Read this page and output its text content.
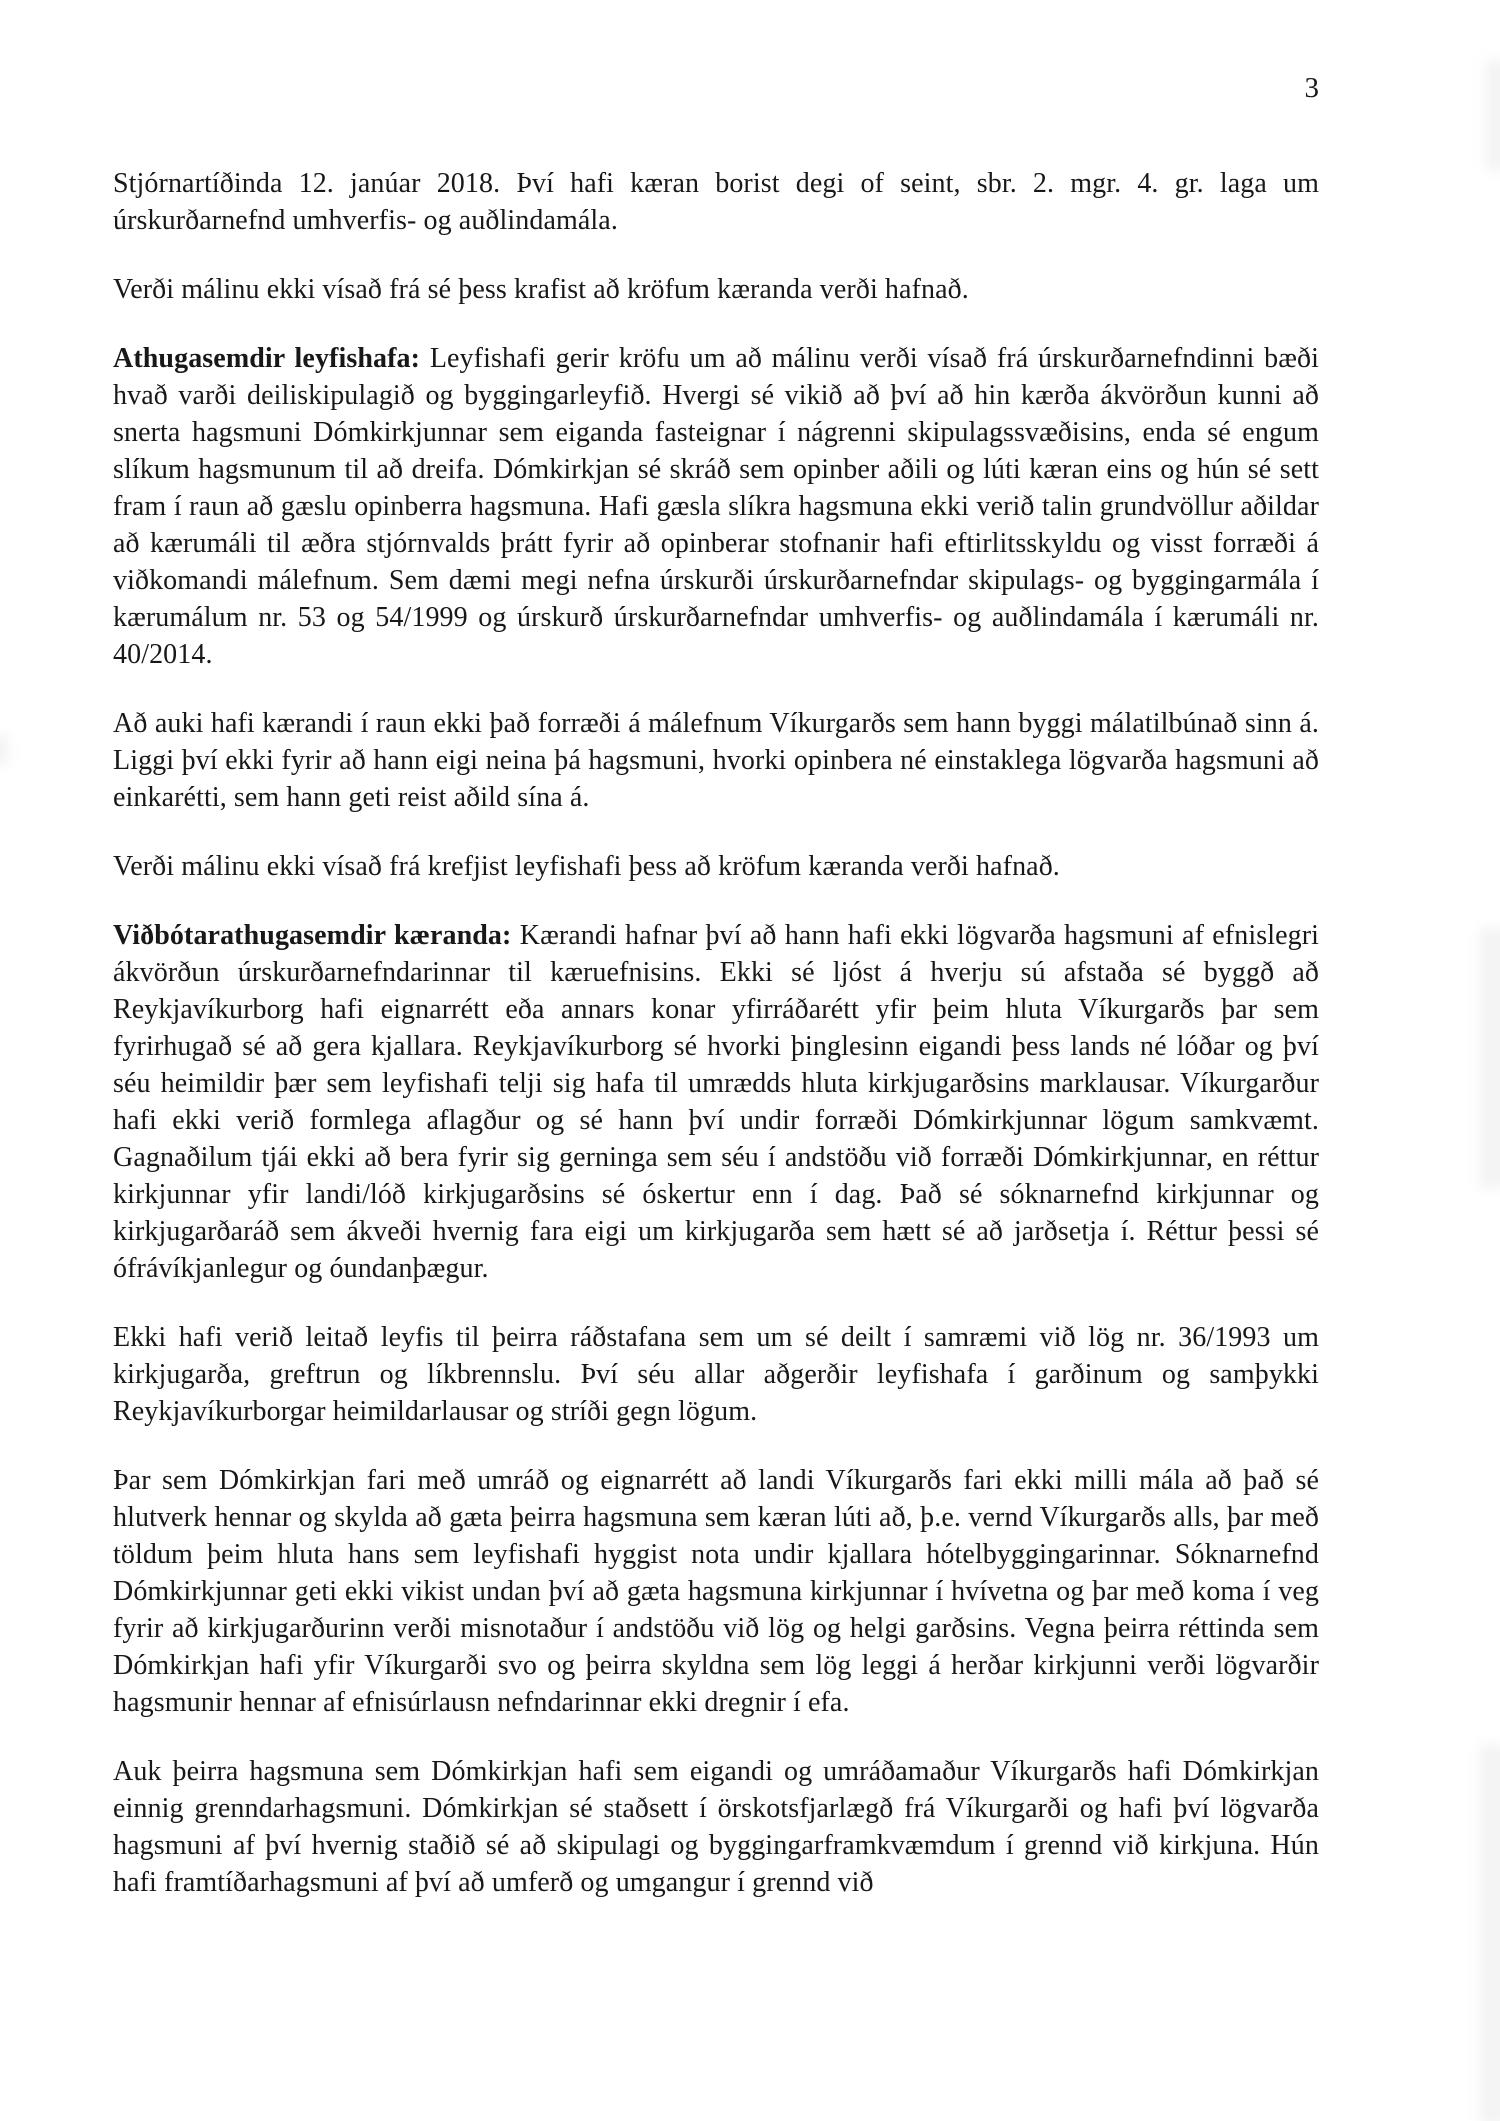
3

Stjórnartíðinda 12. janúar 2018. Því hafi kæran borist degi of seint, sbr. 2. mgr. 4. gr. laga um úrskurðarnefnd umhverfis- og auðlindamála.

Verði málinu ekki vísað frá sé þess krafist að kröfum kæranda verði hafnað.

Athugasemdir leyfishafa: Leyfishafi gerir kröfu um að málinu verði vísað frá úrskurðarnefndinni bæði hvað varði deiliskipulagið og byggingarleyfið. Hvergi sé vikið að því að hin kærða ákvörðun kunni að snerta hagsmuni Dómkirkjunnar sem eiganda fasteignar í nágrenni skipulagssvæðisins, enda sé engum slíkum hagsmunum til að dreifa. Dómkirkjan sé skráð sem opinber aðili og lúti kæran eins og hún sé sett fram í raun að gæslu opinberra hagsmuna. Hafi gæsla slíkra hagsmuna ekki verið talin grundvöllur aðildar að kærumáli til æðra stjórnvalds þrátt fyrir að opinberar stofnanir hafi eftirlitsskyldu og visst forræði á viðkomandi málefnum. Sem dæmi megi nefna úrskurði úrskurðarnefndar skipulags- og byggingarmála í kærumálum nr. 53 og 54/1999 og úrskurð úrskurðarnefndar umhverfis- og auðlindamála í kærumáli nr. 40/2014.

Að auki hafi kærandi í raun ekki það forræði á málefnum Víkurgarðs sem hann byggi málatilbúnað sinn á. Liggi því ekki fyrir að hann eigi neina þá hagsmuni, hvorki opinbera né einstaklega lögvarða hagsmuni að einkarétti, sem hann geti reist aðild sína á.

Verði málinu ekki vísað frá krefjist leyfishafi þess að kröfum kæranda verði hafnað.

Viðbótarathugasemdir kæranda: Kærandi hafnar því að hann hafi ekki lögvarða hagsmuni af efnislegri ákvörðun úrskurðarnefndarinnar til kæruefnisins. Ekki sé ljóst á hverju sú afstaða sé byggð að Reykjavíkurborg hafi eignarrétt eða annars konar yfirráðarétt yfir þeim hluta Víkurgarðs þar sem fyrirhugað sé að gera kjallara. Reykjavíkurborg sé hvorki þinglesinn eigandi þess lands né lóðar og því séu heimildir þær sem leyfishafi telji sig hafa til umrædds hluta kirkjugarðsins marklausar. Víkurgarður hafi ekki verið formlega aflagður og sé hann því undir forræði Dómkirkjunnar lögum samkvæmt. Gagnaðilum tjái ekki að bera fyrir sig gerninga sem séu í andstöðu við forræði Dómkirkjunnar, en réttur kirkjunnar yfir landi/lóð kirkjugarðsins sé óskertur enn í dag. Það sé sóknarnefnd kirkjunnar og kirkjugarðaráð sem ákveði hvernig fara eigi um kirkjugarða sem hætt sé að jarðsetja í. Réttur þessi sé ófrávíkjanlegur og óundanþægur.

Ekki hafi verið leitað leyfis til þeirra ráðstafana sem um sé deilt í samræmi við lög nr. 36/1993 um kirkjugarða, greftrun og líkbrennslu. Því séu allar aðgerðir leyfishafa í garðinum og samþykki Reykjavíkurborgar heimildarlausar og stríði gegn lögum.

Þar sem Dómkirkjan fari með umráð og eignarrétt að landi Víkurgarðs fari ekki milli mála að það sé hlutverk hennar og skylda að gæta þeirra hagsmuna sem kæran lúti að, þ.e. vernd Víkurgarðs alls, þar með töldum þeim hluta hans sem leyfishafi hyggist nota undir kjallara hótelbyggingarinnar. Sóknarnefnd Dómkirkjunnar geti ekki vikist undan því að gæta hagsmuna kirkjunnar í hvívetna og þar með koma í veg fyrir að kirkjugarðurinn verði misnotaður í andstöðu við lög og helgi garðsins. Vegna þeirra réttinda sem Dómkirkjan hafi yfir Víkurgarði svo og þeirra skyldna sem lög leggi á herðar kirkjunni verði lögvarðir hagsmunir hennar af efnisúrlausn nefndarinnar ekki dregnir í efa.

Auk þeirra hagsmuna sem Dómkirkjan hafi sem eigandi og umráðamaður Víkurgarðs hafi Dómkirkjan einnig grenndarhagsmuni. Dómkirkjan sé staðsett í örskotsfjarlægð frá Víkurgarði og hafi því lögvarða hagsmuni af því hvernig staðið sé að skipulagi og byggingarframkvæmdum í grennd við kirkjuna. Hún hafi framtíðarhagsmuni af því að umferð og umgangur í grennd við
